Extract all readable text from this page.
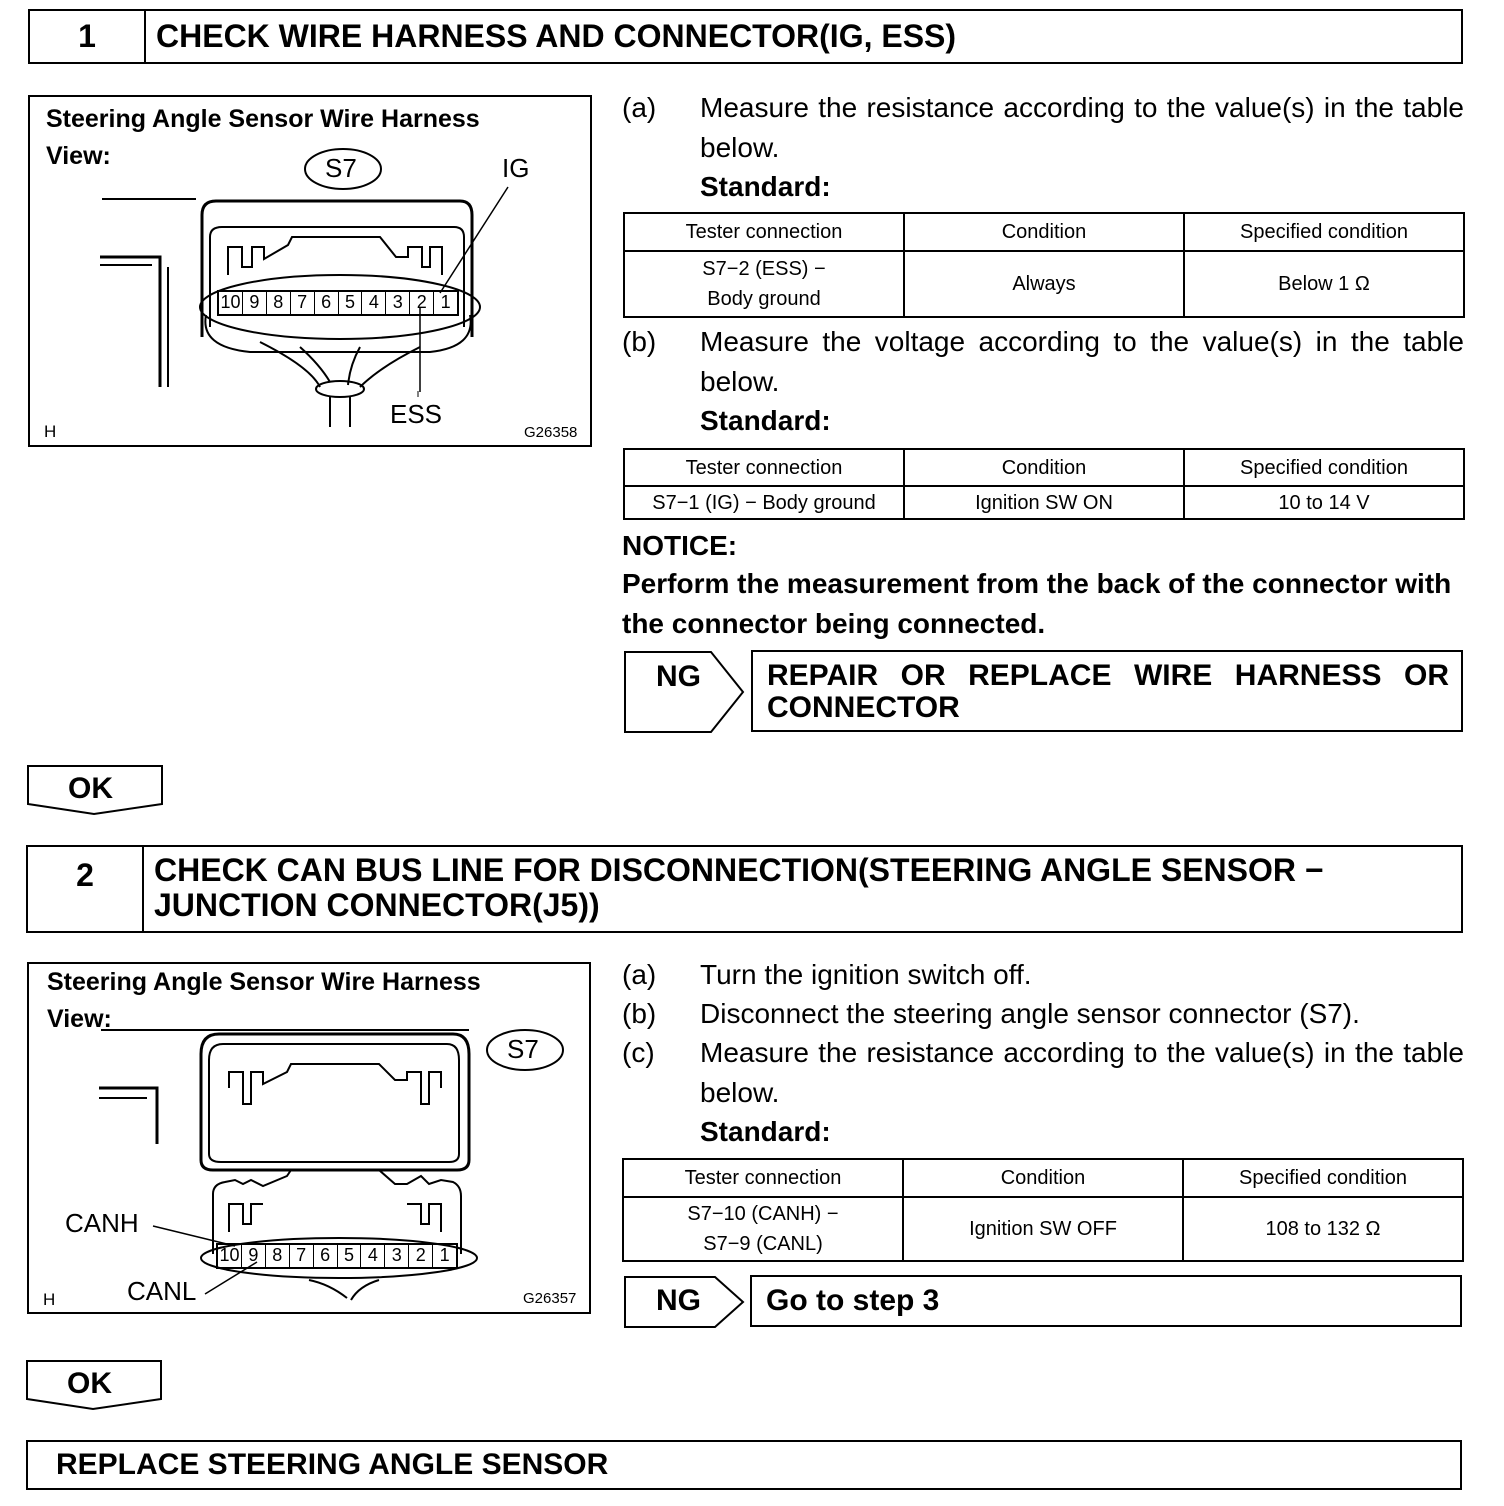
1	CHECK WIRE HARNESS AND CONNECTOR(IG, ESS)
Steering Angle Sensor Wire Harness
View:
10 9 8 7 6 5 4 3 2 1
S7	IG
ESS
H	G26358
(a) Measure the resistance according to the value(s) in the table below.
Standard:
Tester connection	Condition	Specified condition

S7−2 (ESS) −
Body ground	Always	Below 1 Ω
(b) Measure the voltage according to the value(s) in the table below.
Standard:
Tester connection	Condition	Specified condition
S7−1 (IG) − Body ground	Ignition SW ON	10 to 14 V
NOTICE:
Perform the measurement from the back of the connector with the connector being connected.
NG REPAIR OR REPLACE WIRE HARNESS OR CONNECTOR
OK
2	CHECK CAN BUS LINE FOR DISCONNECTION(STEERING ANGLE SENSOR −
JUNCTION CONNECTOR(J5))
Steering Angle Sensor Wire Harness
View:
10 9 8 7 6 5 4 3 2 1
S7
CANH
CANL
H	G26357
(a) Turn the ignition switch off.
(b) Disconnect the steering angle sensor connector (S7).
(c) Measure the resistance according to the value(s) in the table below.
Standard:
Tester connection	Condition	Specified condition

S7−10 (CANH) −
S7−9 (CANL)	Ignition SW OFF	108 to 132 Ω
NG Go to step 3
OK
REPLACE STEERING ANGLE SENSOR
